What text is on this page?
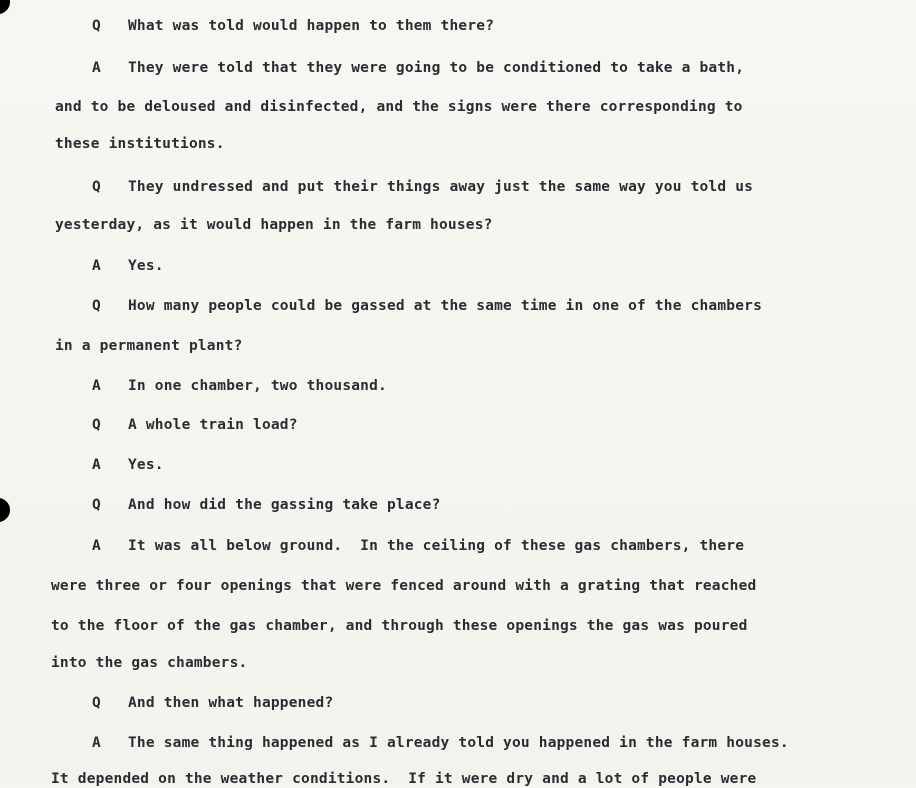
Q What was told would happen to them there?
A They were told that they were going to be conditioned to take a bath,
and to be deloused and disinfected, and the signs were there corresponding to
these institutions.
Q They undressed and put their things away just the same way you told us
yesterday, as it would happen in the farm houses?
A Yes.
Q How many people could be gassed at the same time in one of the chambers
in a permanent plant?
A In one chamber, two thousand.
Q A whole train load?
A Yes.
Q And how did the gassing take place?
A It was all below ground.  In the ceiling of these gas chambers, there
were three or four openings that were fenced around with a grating that reached
to the floor of the gas chamber, and through these openings the gas was poured
into the gas chambers.
Q And then what happened?
A The same thing happened as I already told you happened in the farm houses.
It depended on the weather conditions.  If it were dry and a lot of people were
